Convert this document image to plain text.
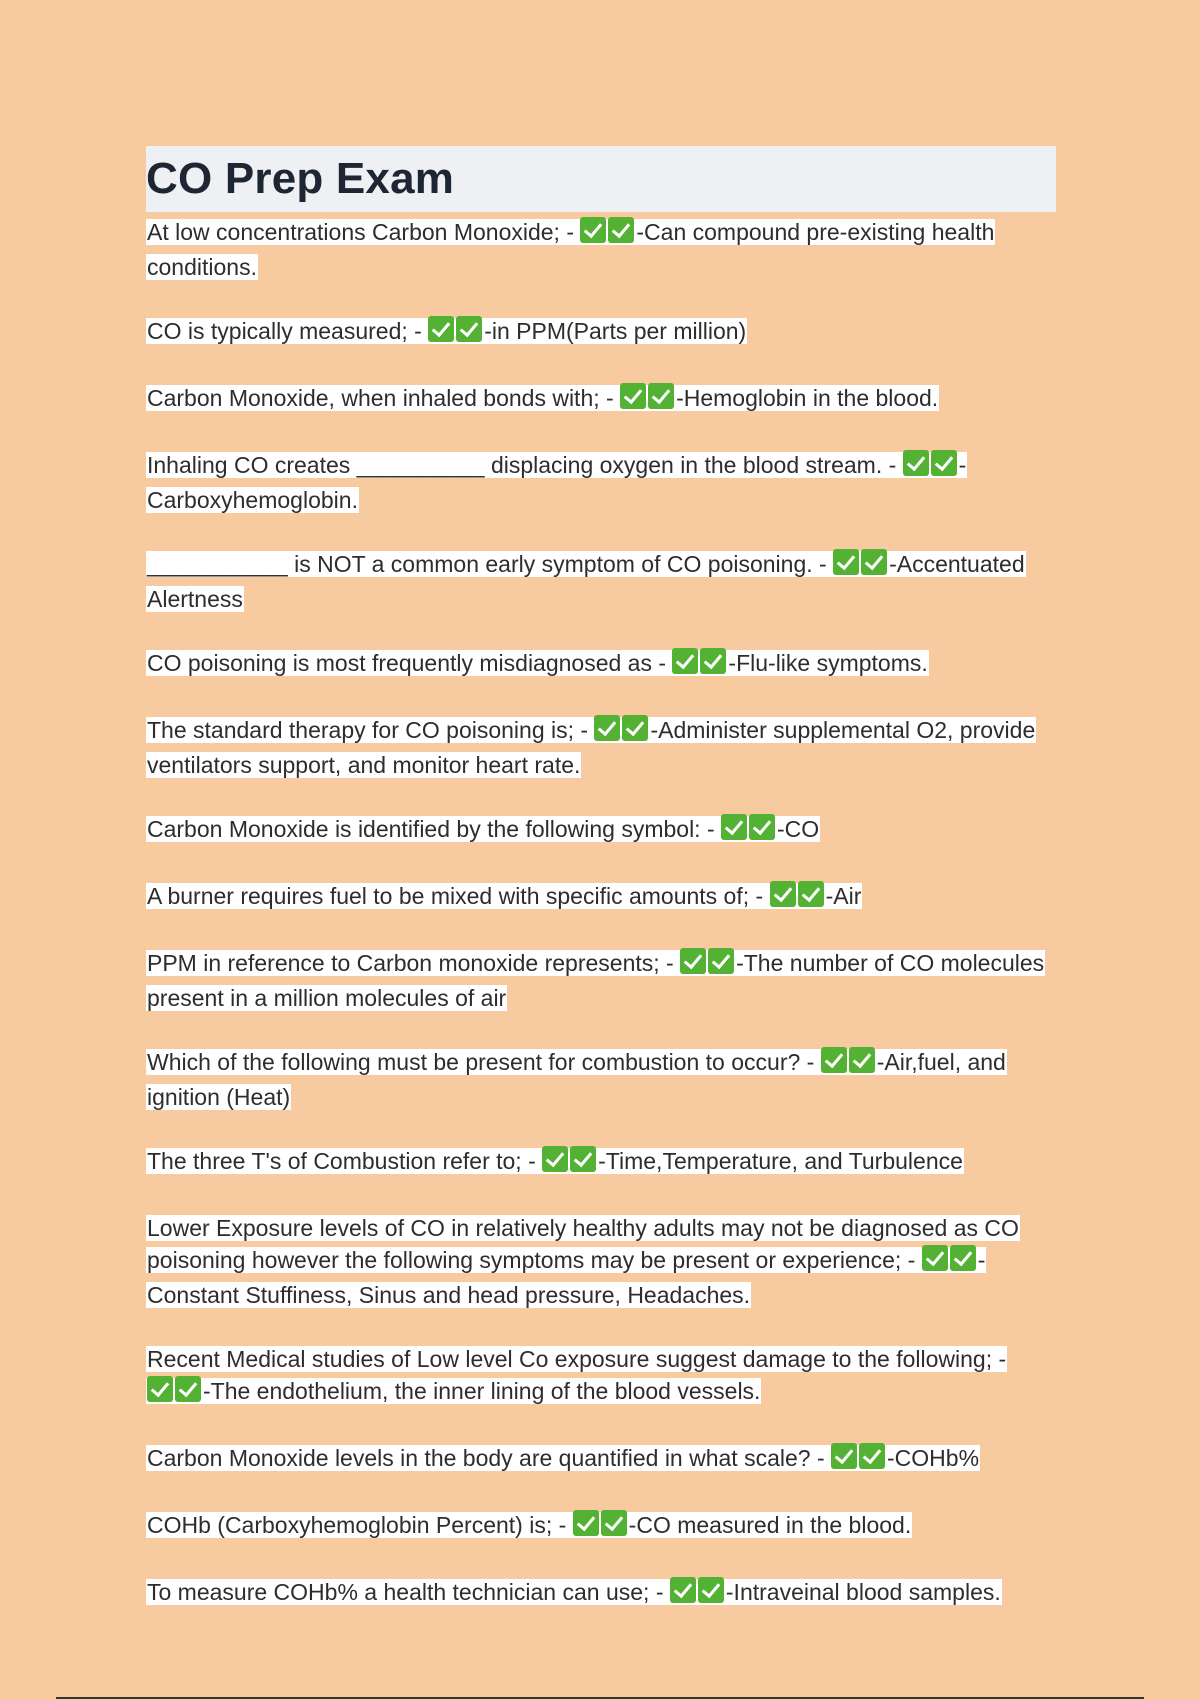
CO Prep Exam

At low concentrations Carbon Monoxide; - -Can compound pre-existing health conditions.

CO is typically measured; - -in PPM(Parts per million)

Carbon Monoxide, when inhaled bonds with; - -Hemoglobin in the blood.

Inhaling CO creates __________ displacing oxygen in the blood stream. - -Carboxyhemoglobin.

___________ is NOT a common early symptom of CO poisoning. - -Accentuated Alertness

CO poisoning is most frequently misdiagnosed as - -Flu-like symptoms.

The standard therapy for CO poisoning is; - -Administer supplemental O2, provide ventilators support, and monitor heart rate.

Carbon Monoxide is identified by the following symbol: - -CO

A burner requires fuel to be mixed with specific amounts of; - -Air

PPM in reference to Carbon monoxide represents; - -The number of CO molecules present in a million molecules of air

Which of the following must be present for combustion to occur? - -Air,fuel, and ignition (Heat)

The three T's of Combustion refer to; - -Time,Temperature, and Turbulence

Lower Exposure levels of CO in relatively healthy adults may not be diagnosed as CO poisoning however the following symptoms may be present or experience; - -Constant Stuffiness, Sinus and head pressure, Headaches.

Recent Medical studies of Low level Co exposure suggest damage to the following; - -The endothelium, the inner lining of the blood vessels.

Carbon Monoxide levels in the body are quantified in what scale? - -COHb%

COHb (Carboxyhemoglobin Percent) is; - -CO measured in the blood.

To measure COHb% a health technician can use; - -Intraveinal blood samples.
